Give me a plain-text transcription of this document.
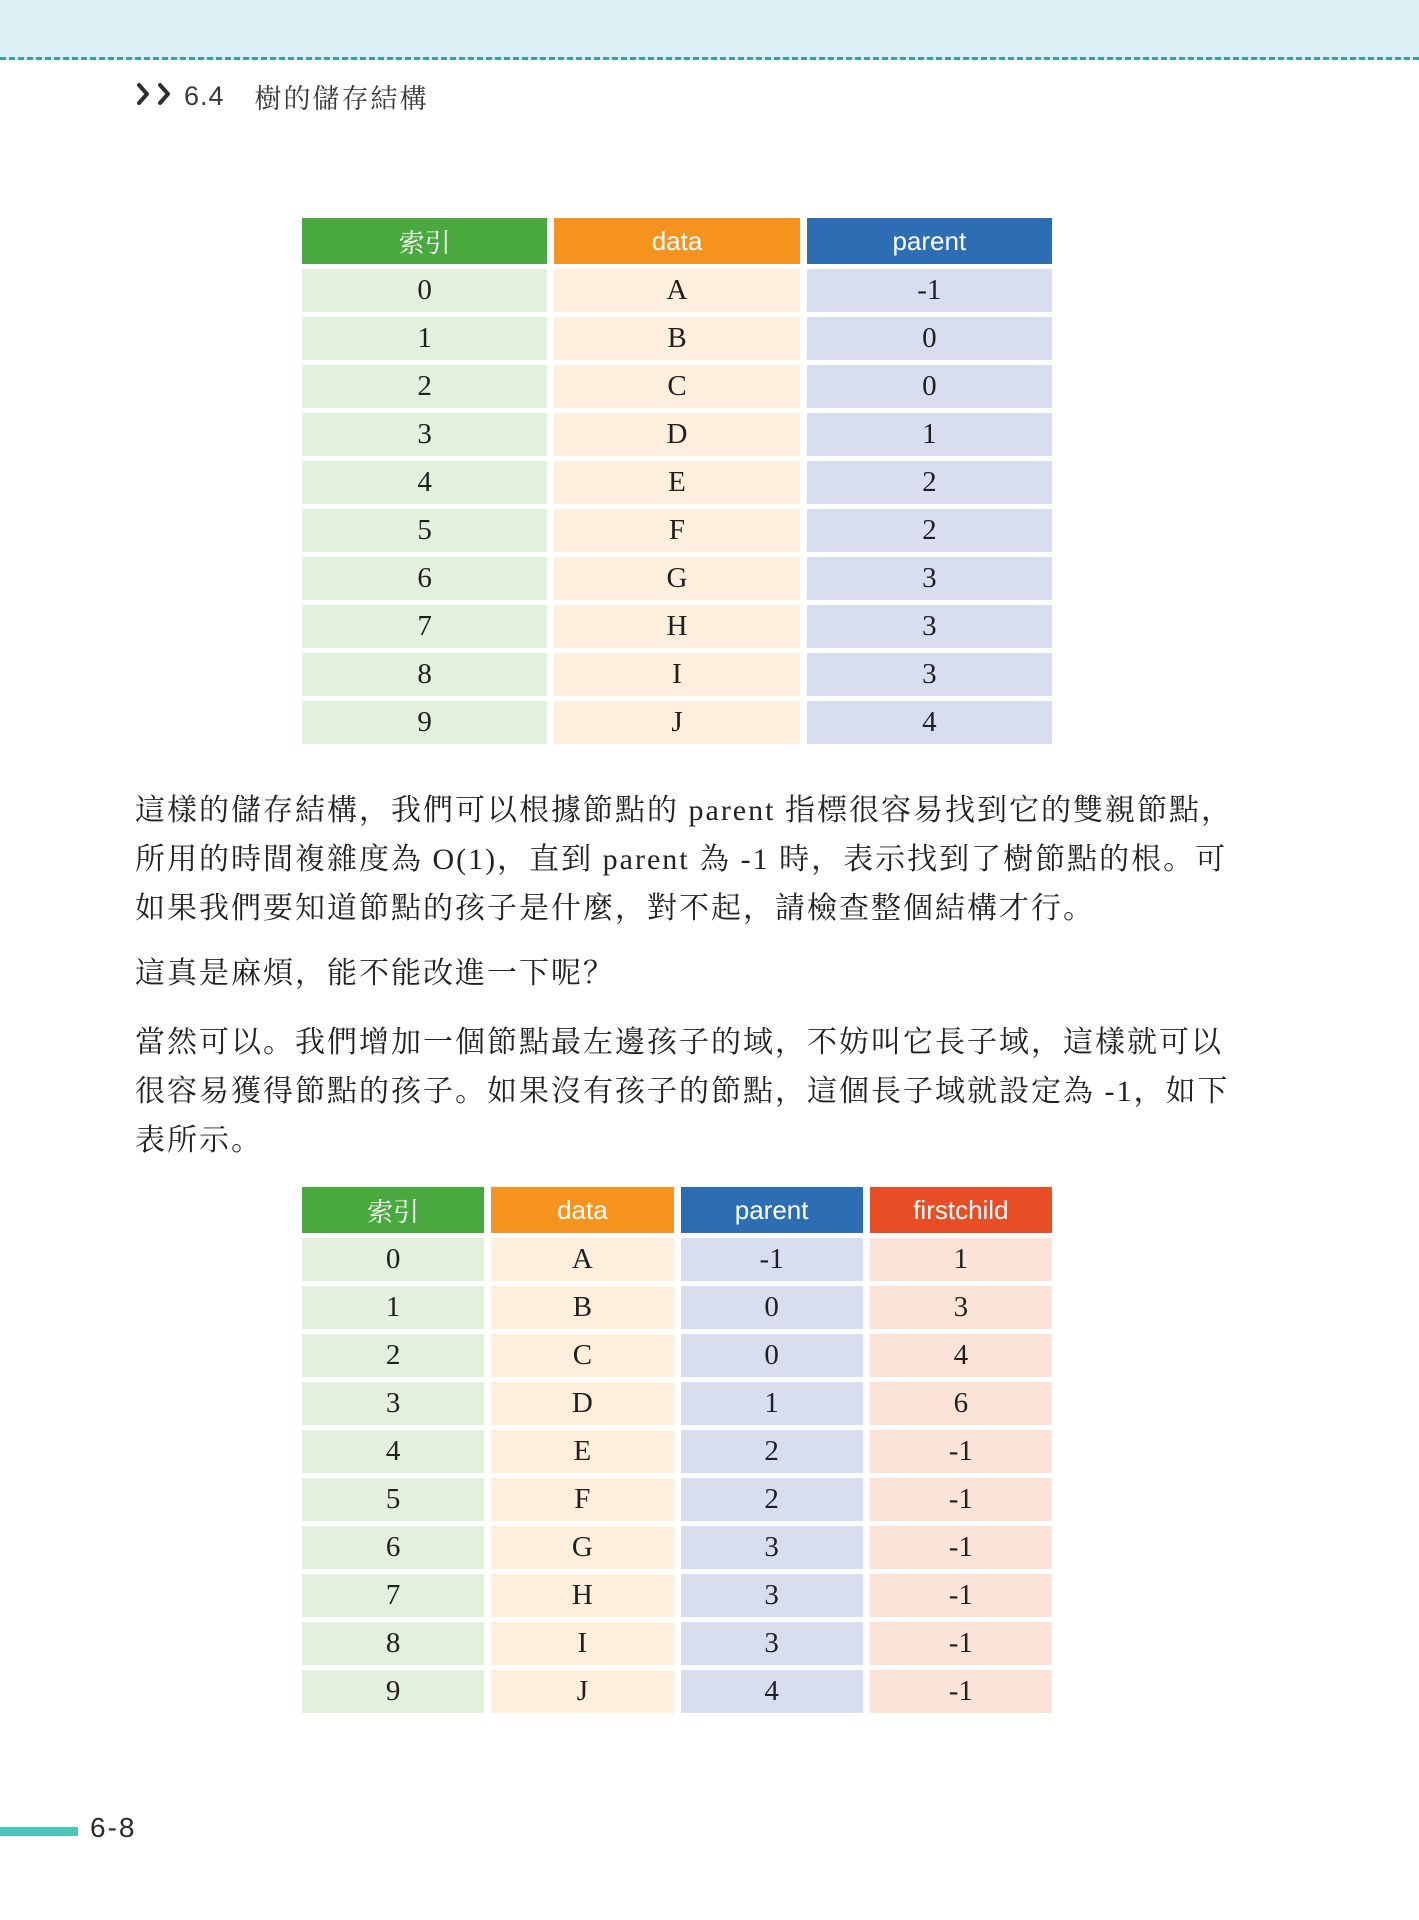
6.4 樹的儲存結構
索引	data	parent
0	A	-1
1	B	0
2	C	0
3	D	1
4	E	2
5	F	2
6	G	3
7	H	3
8	I	3
9	J	4

這樣的儲存結構，我們可以根據節點的 parent 指標很容易找到它的雙親節點，
所用的時間複雜度為 O(1)，直到 parent 為 -1 時，表示找到了樹節點的根。可
如果我們要知道節點的孩子是什麼，對不起，請檢查整個結構才行。

這真是麻煩，能不能改進一下呢？

當然可以。我們增加一個節點最左邊孩子的域，不妨叫它長子域，這樣就可以
很容易獲得節點的孩子。如果沒有孩子的節點，這個長子域就設定為 -1，如下
表所示。

索引	data	parent	firstchild
0	A	-1	1
1	B	0	3
2	C	0	4
3	D	1	6
4	E	2	-1
5	F	2	-1
6	G	3	-1
7	H	3	-1
8	I	3	-1
9	J	4	-1
6-8
